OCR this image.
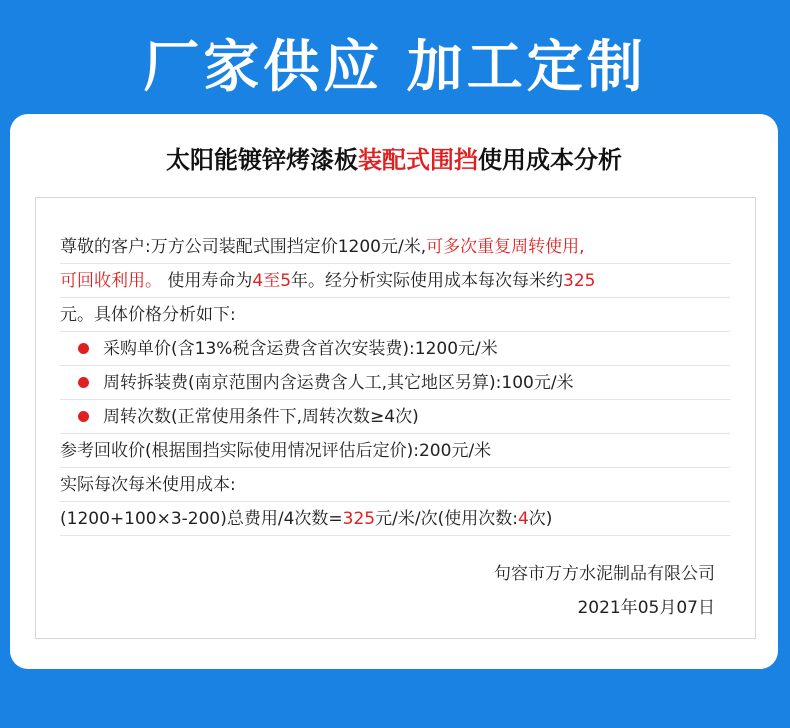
厂家供应 加工定制
太阳能镀锌烤漆板装配式围挡使用成本分析
尊敬的客户:万方公司装配式围挡定价1200元/米,可多次重复周转使用,
可回收利用。 使用寿命为4至5年。经分析实际使用成本每次每米约325
元。具体价格分析如下:
采购单价(含13%税含运费含首次安装费):1200元/米
周转拆装费(南京范围内含运费含人工,其它地区另算):100元/米
周转次数(正常使用条件下,周转次数≥4次)
参考回收价(根据围挡实际使用情况评估后定价):200元/米
实际每次每米使用成本:
(1200+100×3-200)总费用/4次数=325元/米/次(使用次数:4次)
句容市万方水泥制品有限公司
2021年05月07日
